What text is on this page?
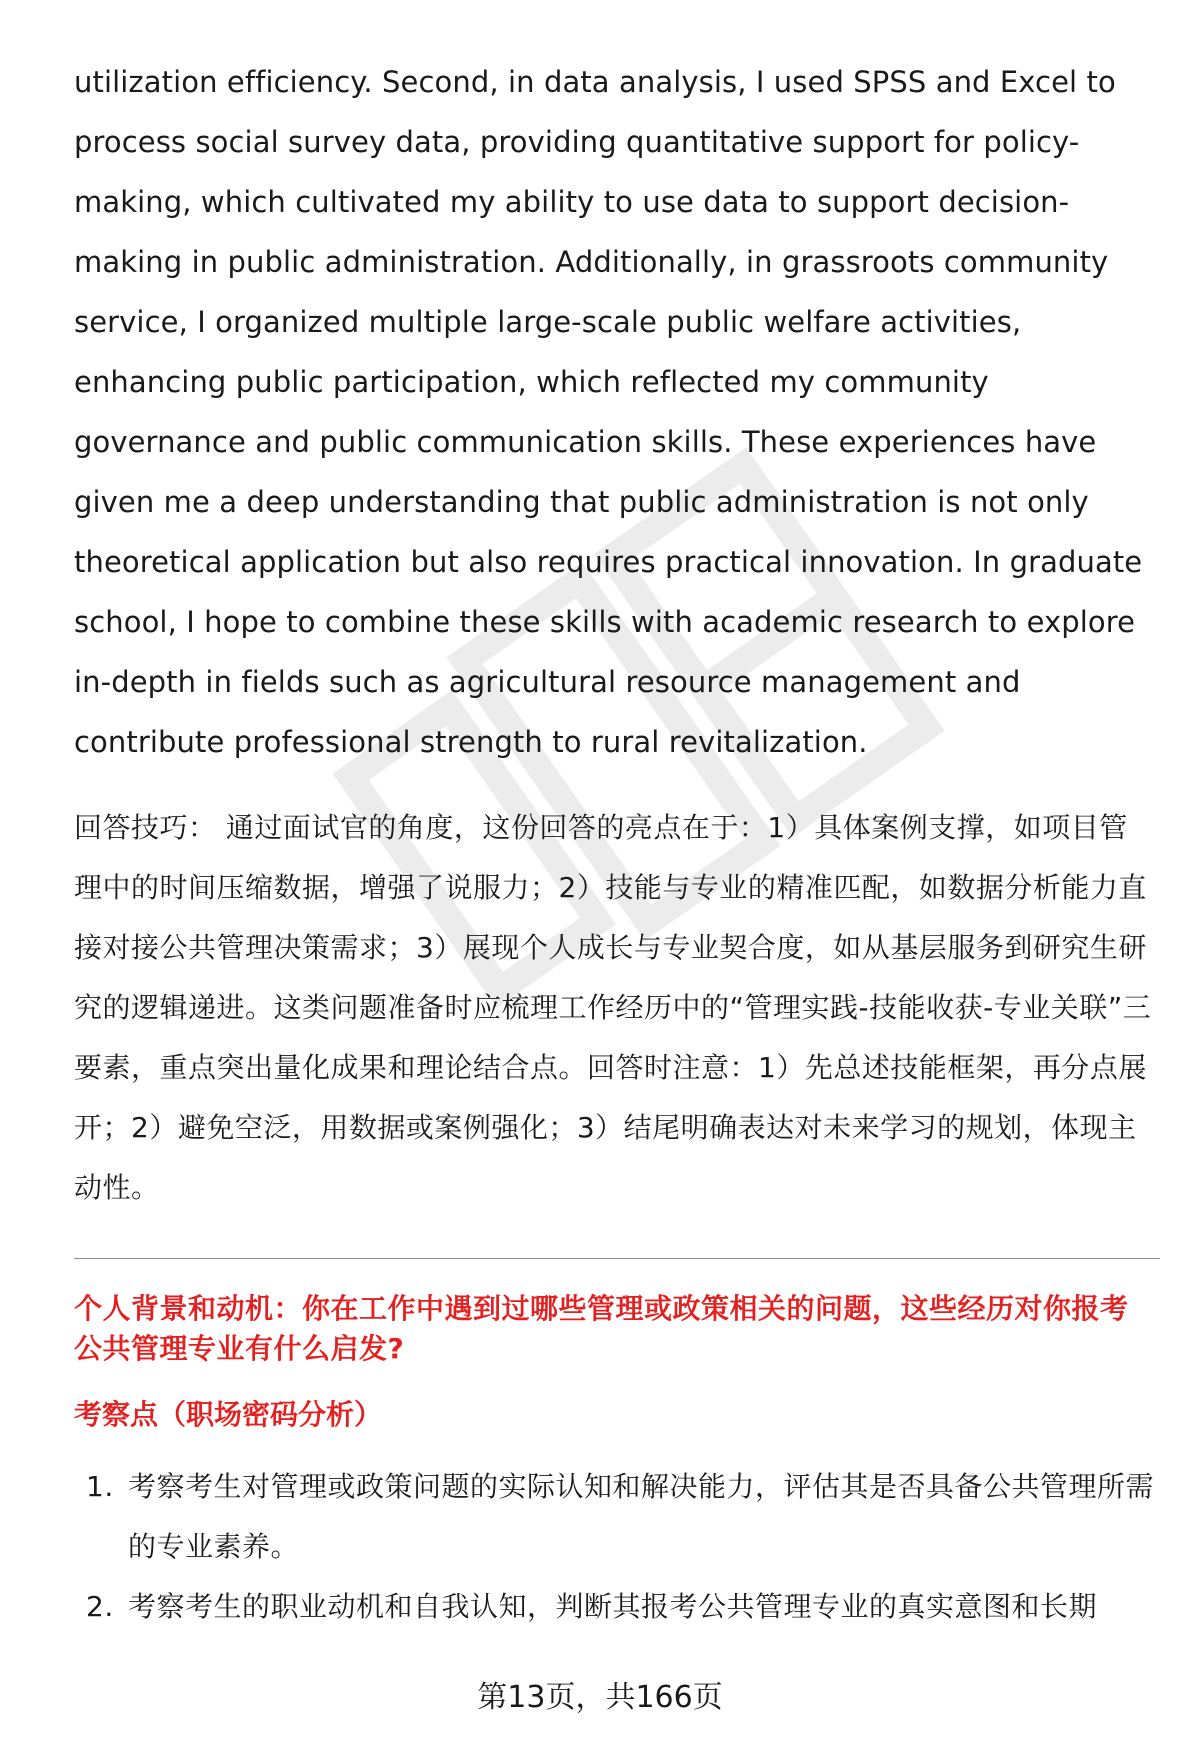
utilization efficiency. Second, in data analysis, I used SPSS and Excel to process social survey data, providing quantitative support for policy-making, which cultivated my ability to use data to support decision-making in public administration. Additionally, in grassroots community service, I organized multiple large-scale public welfare activities, enhancing public participation, which reflected my community governance and public communication skills. These experiences have given me a deep understanding that public administration is not only theoretical application but also requires practical innovation. In graduate school, I hope to combine these skills with academic research to explore in-depth in fields such as agricultural resource management and contribute professional strength to rural revitalization.

回答技巧： 通过面试官的角度，这份回答的亮点在于：1）具体案例支撑，如项目管理中的时间压缩数据，增强了说服力；2）技能与专业的精准匹配，如数据分析能力直接对接公共管理决策需求；3）展现个人成长与专业契合度，如从基层服务到研究生研究的逻辑递进。这类问题准备时应梳理工作经历中的“管理实践-技能收获-专业关联”三要素，重点突出量化成果和理论结合点。回答时注意：1）先总述技能框架，再分点展开；2）避免空泛，用数据或案例强化；3）结尾明确表达对未来学习的规划，体现主动性。
个人背景和动机：你在工作中遇到过哪些管理或政策相关的问题，这些经历对你报考公共管理专业有什么启发?
考察点（职场密码分析）
1. 考察考生对管理或政策问题的实际认知和解决能力，评估其是否具备公共管理所需的专业素养。
2. 考察考生的职业动机和自我认知，判断其报考公共管理专业的真实意图和长期
第13页，共166页
